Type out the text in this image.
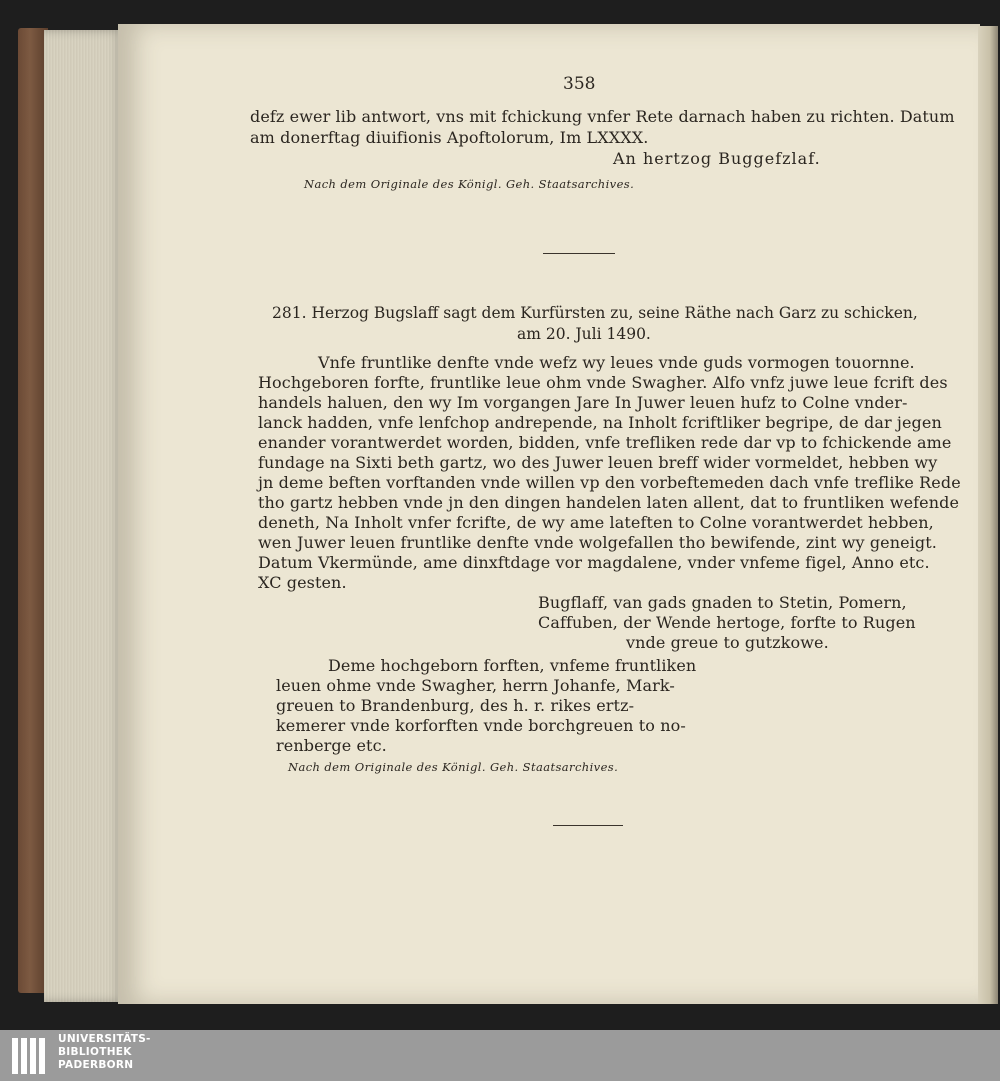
358
defz ewer lib antwort, vns mit fchickung vnfer Rete darnach haben zu richten. Datum
am donerftag diuifionis Apoftolorum, Im LXXXX.
An hertzog Buggefzlaf.
Nach dem Originale des Königl. Geh. Staatsarchives.
281. Herzog Bugslaff sagt dem Kurfürsten zu, seine Räthe nach Garz zu schicken,
am 20. Juli 1490.
Vnfe fruntlike denfte vnde wefz wy leues vnde guds vormogen touornne.
Hochgeboren forfte, fruntlike leue ohm vnde Swagher. Alfo vnfz juwe leue fcrift des
handels haluen, den wy Im vorgangen Jare In Juwer leuen hufz to Colne vnder-
lanck hadden, vnfe lenfchop andrepende, na Inholt fcriftliker begripe, de dar jegen
enander vorantwerdet worden, bidden, vnfe trefliken rede dar vp to fchickende ame
fundage na Sixti beth gartz, wo des Juwer leuen breff wider vormeldet, hebben wy
jn deme beften vorftanden vnde willen vp den vorbeftemeden dach vnfe treflike Rede
tho gartz hebben vnde jn den dingen handelen laten allent, dat to fruntliken wefende
deneth, Na Inholt vnfer fcrifte, de wy ame lateften to Colne vorantwerdet hebben,
wen Juwer leuen fruntlike denfte vnde wolgefallen tho bewifende, zint wy geneigt.
Datum Vkermünde, ame dinxftdage vor magdalene, vnder vnfeme figel, Anno etc.
XC gesten.
Bugflaff, van gads gnaden to Stetin, Pomern,
Caffuben, der Wende hertoge, forfte to Rugen
vnde greue to gutzkowe.
Deme hochgeborn forften, vnfeme fruntliken
leuen ohme vnde Swagher, herrn Johanfe, Mark-
greuen to Brandenburg, des h. r. rikes ertz-
kemerer vnde korforften vnde borchgreuen to no-
renberge etc.
Nach dem Originale des Königl. Geh. Staatsarchives.
UNIVERSITÄTS-
BIBLIOTHEK
PADERBORN
